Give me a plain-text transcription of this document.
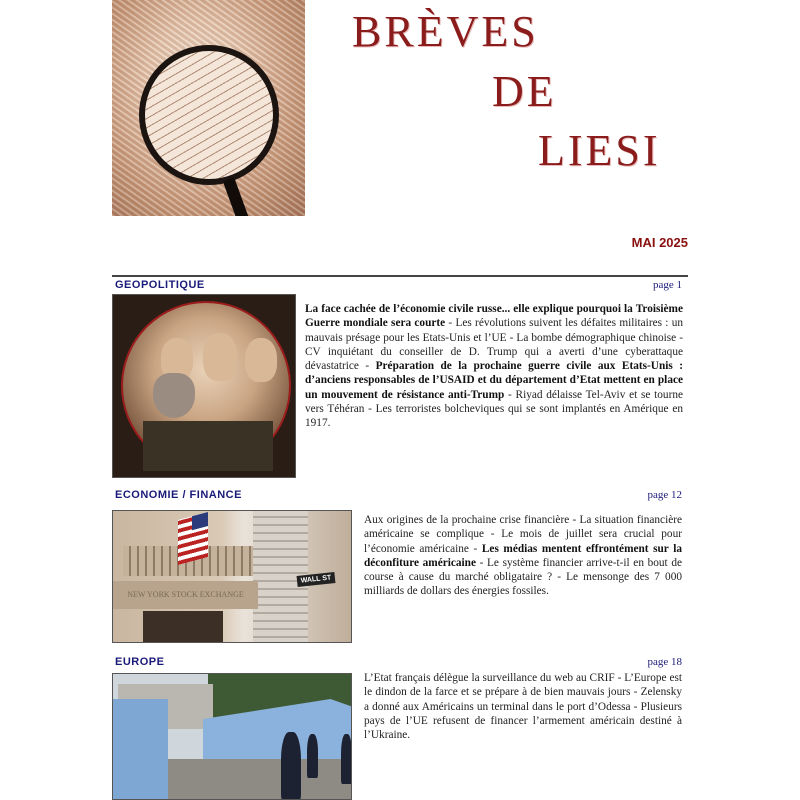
BRÈVES
DE
LIESI
MAI 2025
GEOPOLITIQUE	page 1

La face cachée de l’économie civile russe... elle explique pourquoi la Troisième Guerre mondiale sera courte - Les révolutions suivent les défaites militaires : un mauvais présage pour les Etats-Unis et l’UE - La bombe démographique chinoise - CV inquiétant du conseiller de D. Trump qui a averti d’une cyberattaque dévastatrice - Préparation de la prochaine guerre civile aux Etats-Unis : d’anciens responsables de l’USAID et du département d’Etat mettent en place un mouvement de résistance anti-Trump - Riyad délaisse Tel-Aviv et se tourne vers Téhéran - Les terroristes bolcheviques qui se sont implantés en Amérique en 1917.

ECONOMIE / FINANCE	page 12
NEW YORK STOCK EXCHANGE
WALL ST

Aux origines de la prochaine crise financière - La situation financière américaine se complique - Le mois de juillet sera crucial pour l’économie américaine - Les médias mentent effrontément sur la déconfiture américaine - Le système financier arrive-t-il en bout de course à cause du marché obligataire ? - Le mensonge des 7 000 milliards de dollars des énergies fossiles.

EUROPE	page 18

L’Etat français délègue la surveillance du web au CRIF - L’Europe est le dindon de la farce et se prépare à de bien mauvais jours - Zelensky a donné aux Américains un terminal dans le port d’Odessa - Plusieurs pays de l’UE refusent de financer l’armement américain destiné à l’Ukraine.
